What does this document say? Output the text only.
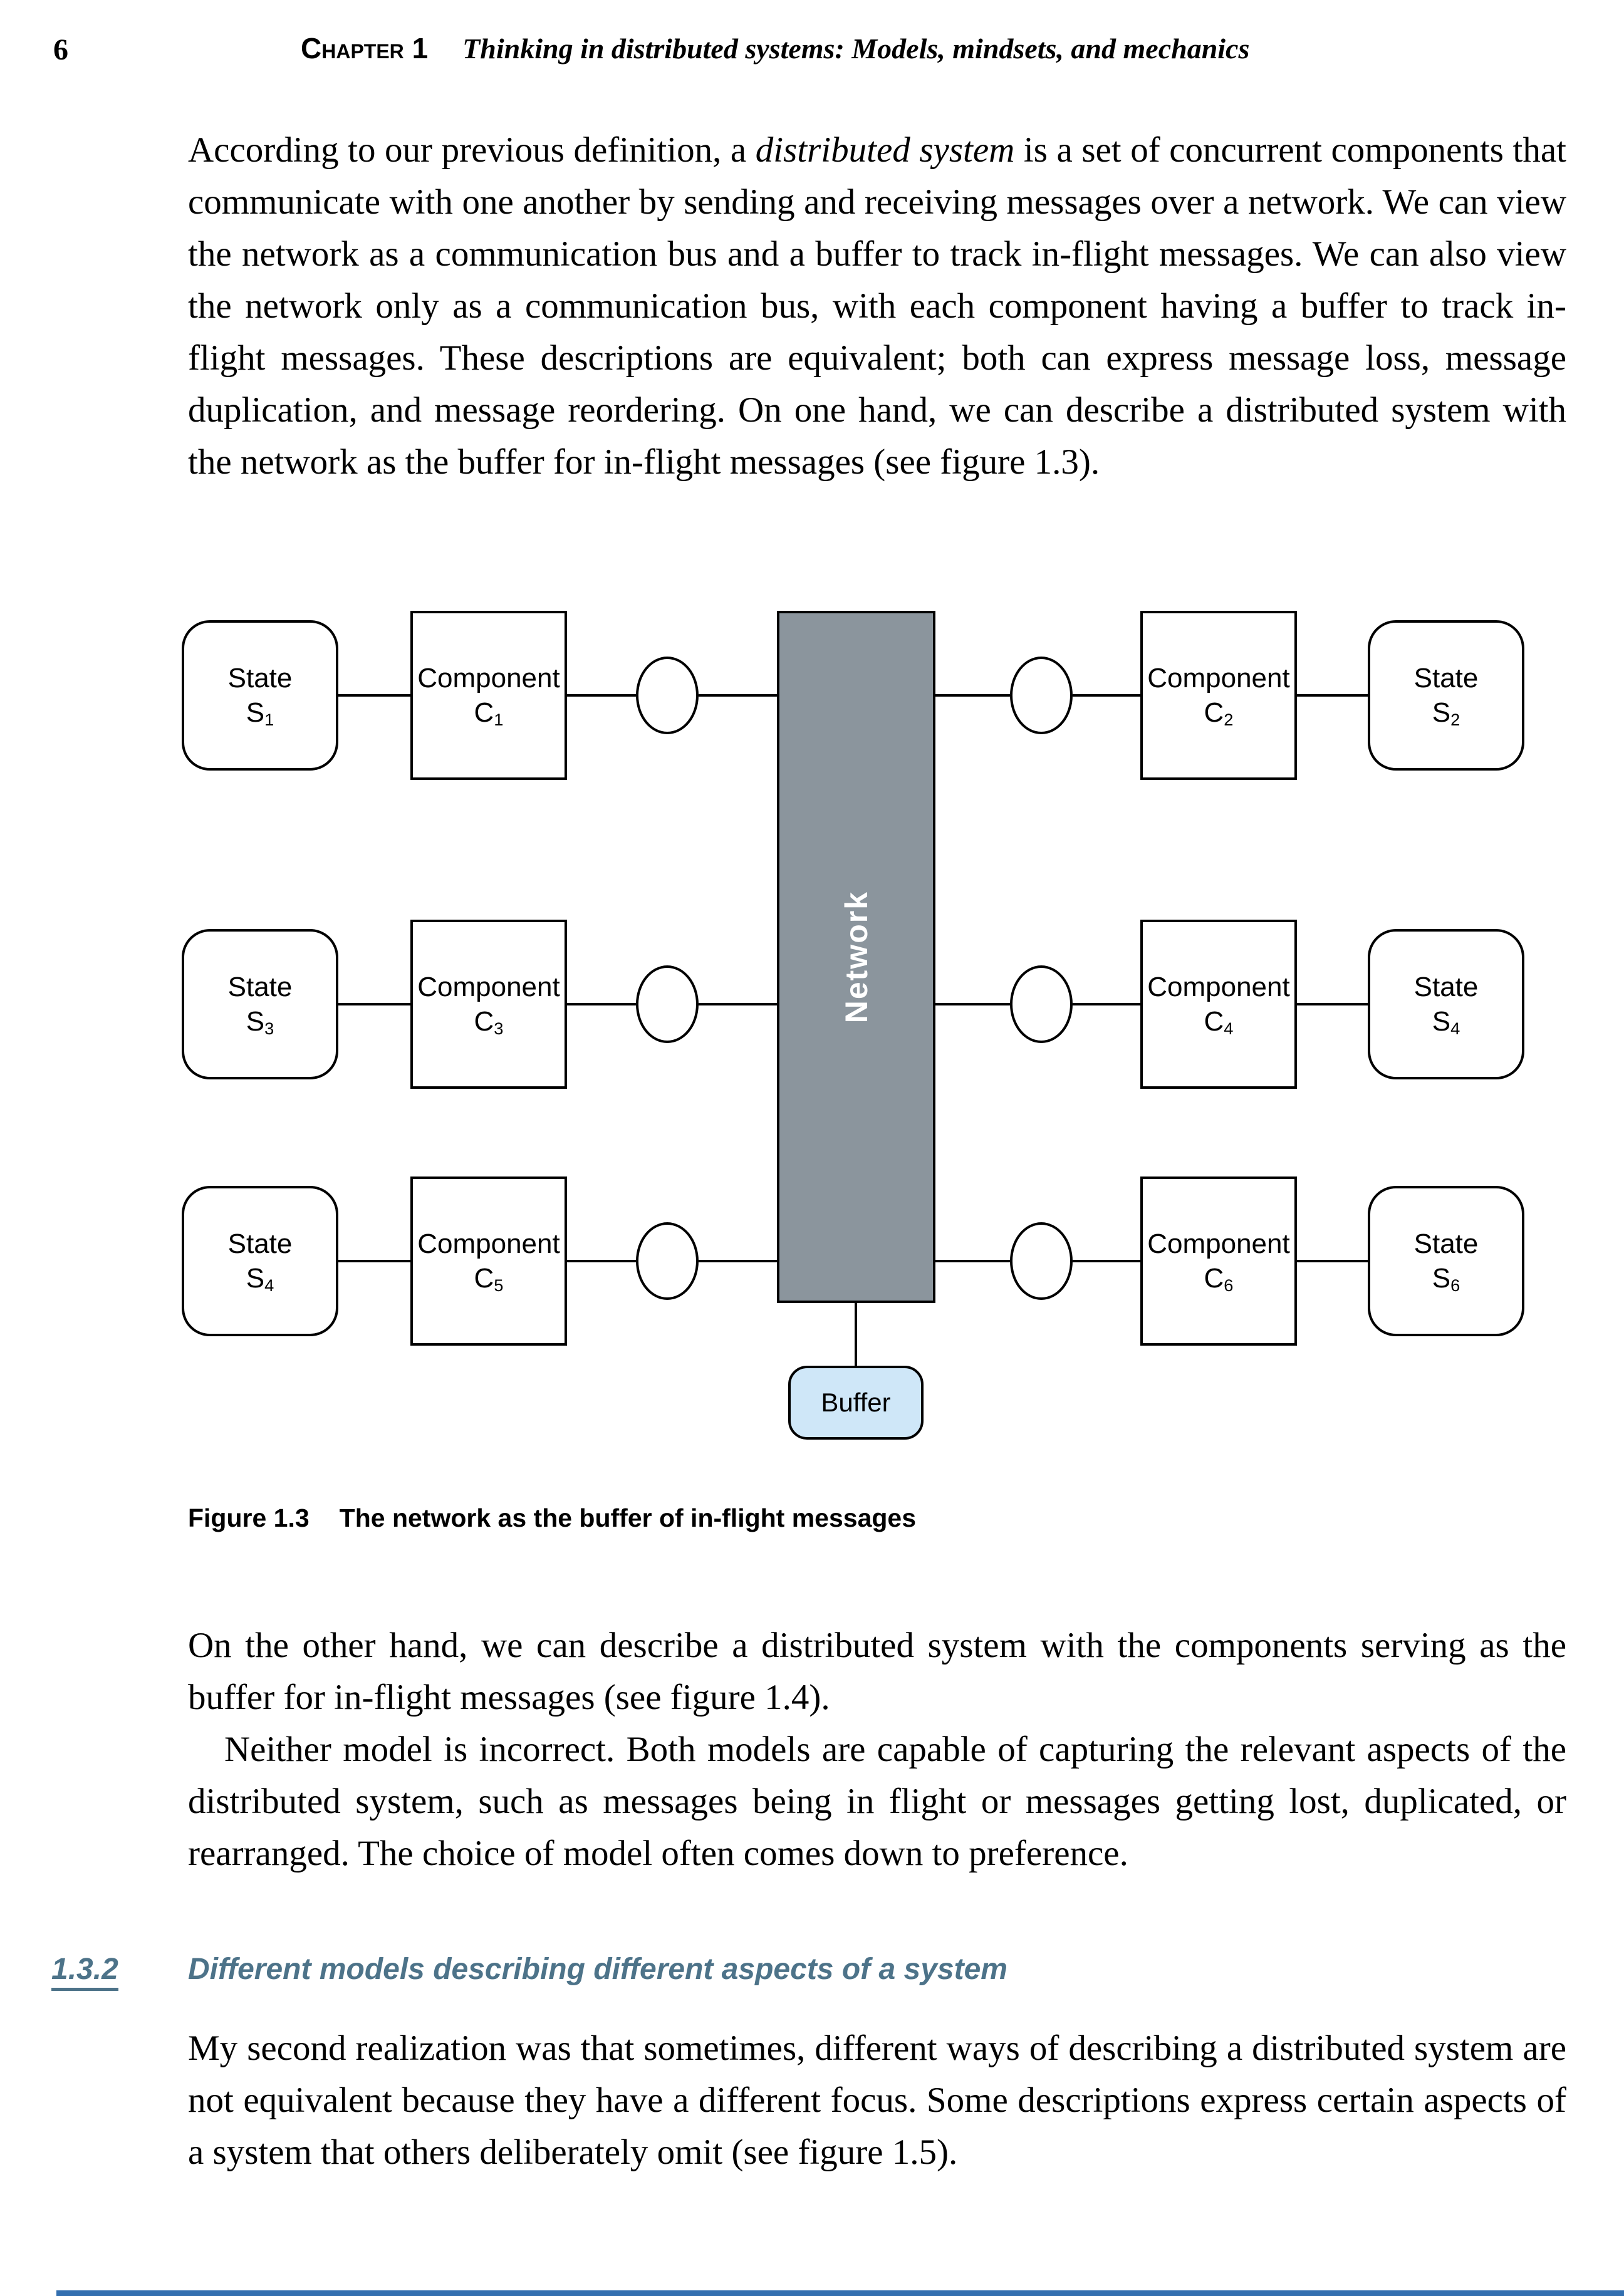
6	Chapter 1 Thinking in distributed systems: Models, mindsets, and mechanics

According to our previous definition, a distributed system is a set of concurrent components that communicate with one another by sending and receiving messages over a network. We can view the network as a communication bus and a buffer to track in-flight messages. We can also view the network only as a communication bus, with each component having a buffer to track in-flight messages. These descriptions are equivalent; both can express message loss, message duplication, and message reordering. On one hand, we can describe a distributed system with the network as the buffer for in-flight messages (see figure 1.3).

Network
State
$S_1$
Component
$C_1$
Component
$C_2$
State
$S_2$
State
$S_3$
Component
$C_3$
Component
$C_4$
State
$S_4$
State
$S_4$
Component
$C_5$
Component
$C_6$
State
$S_6$
Buffer
Figure 1.3 The network as the buffer of in-flight messages

On the other hand, we can describe a distributed system with the components serving as the buffer for in-flight messages (see figure 1.4).

Neither model is incorrect. Both models are capable of capturing the relevant aspects of the distributed system, such as messages being in flight or messages getting lost, duplicated, or rearranged. The choice of model often comes down to preference.

1.3.2 Different models describing different aspects of a system

My second realization was that sometimes, different ways of describing a distributed system are not equivalent because they have a different focus. Some descriptions express certain aspects of a system that others deliberately omit (see figure 1.5).
